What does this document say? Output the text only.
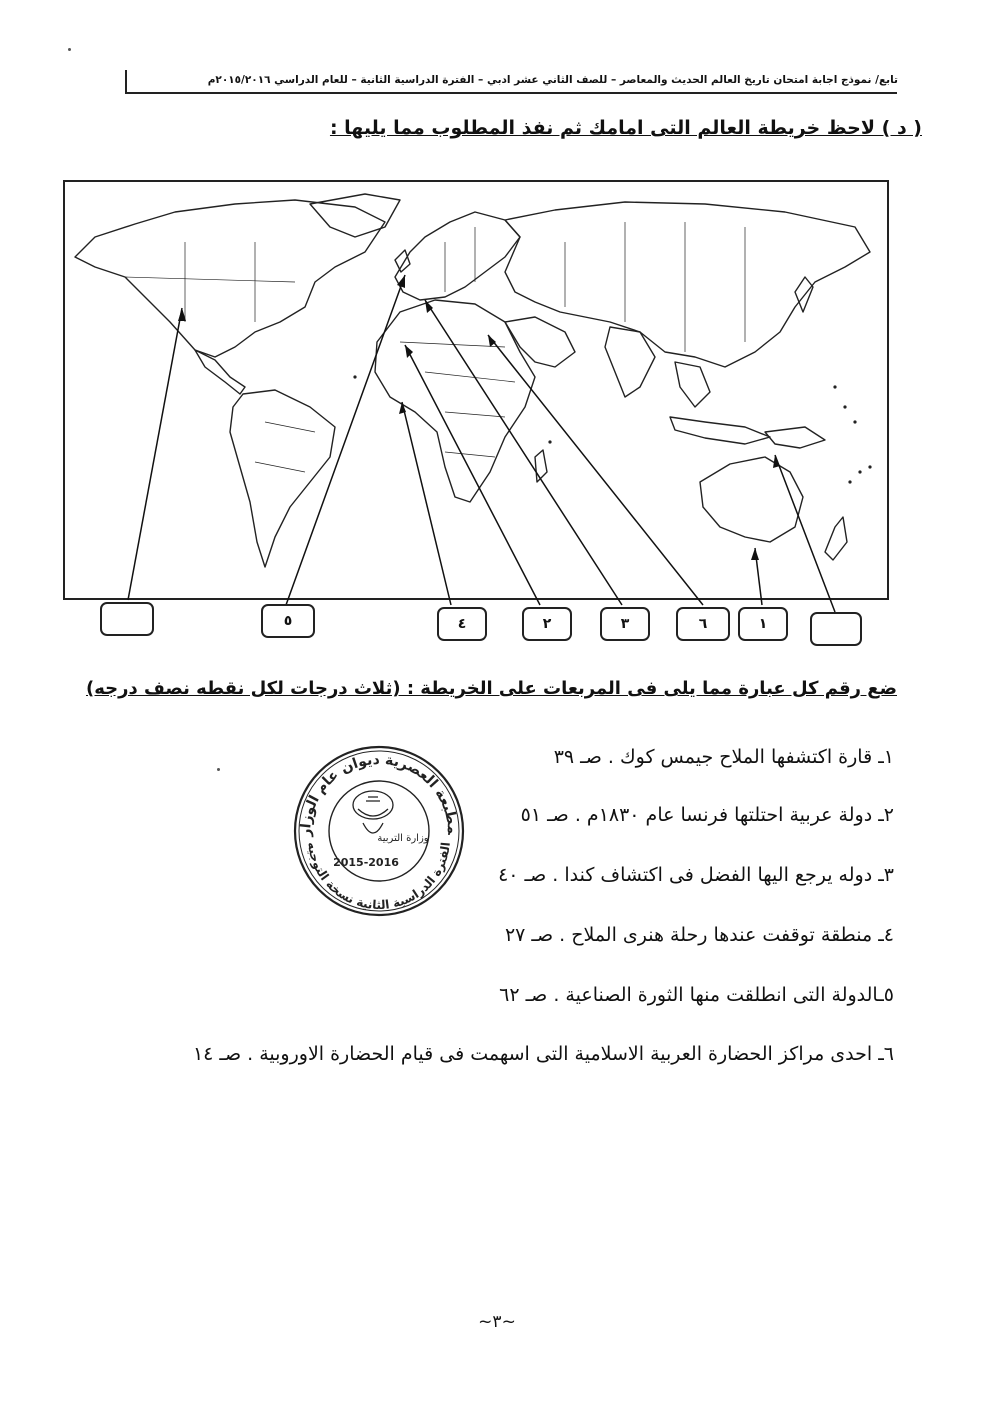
تابع/ نموذج اجابة امتحان تاريخ العالم الحديث والمعاصر – للصف الثاني عشر ادبي – الفترة الدراسية الثانية – للعام الدراسي ٢٠١٥/٢٠١٦م
( د ) لاحظ خريطة العالم التى امامك ثم نفذ المطلوب مما يليها :
٥	٤	٢	٣	٦	١
ضع رقم كل عبارة مما يلى فى المربعات على الخريطة : (ثلاث درجات لكل نقطه نصف درجه)
١ـ قارة اكتشفها الملاح جيمس كوك . صـ ٣٩
٢ـ دولة عربية احتلتها فرنسا عام ١٨٣٠م . صـ ٥١
٣ـ دوله يرجع اليها الفضل فى اكتشاف كندا . صـ ٤٠
٤ـ منطقة توقفت عندها رحلة هنرى الملاح . صـ ٢٧
٥ـالدولة التى انطلقت منها الثورة الصناعية . صـ ٦٢
٦ـ احدى مراكز الحضارة العربية الاسلامية التى اسهمت فى قيام الحضارة الاوروبية . صـ ١٤
مطبعة العصرية ديوان عام الوزار
الفترة الدراسية الثانية نسخة التوجيه
وزارة التربية
2015-2016
~٣~
